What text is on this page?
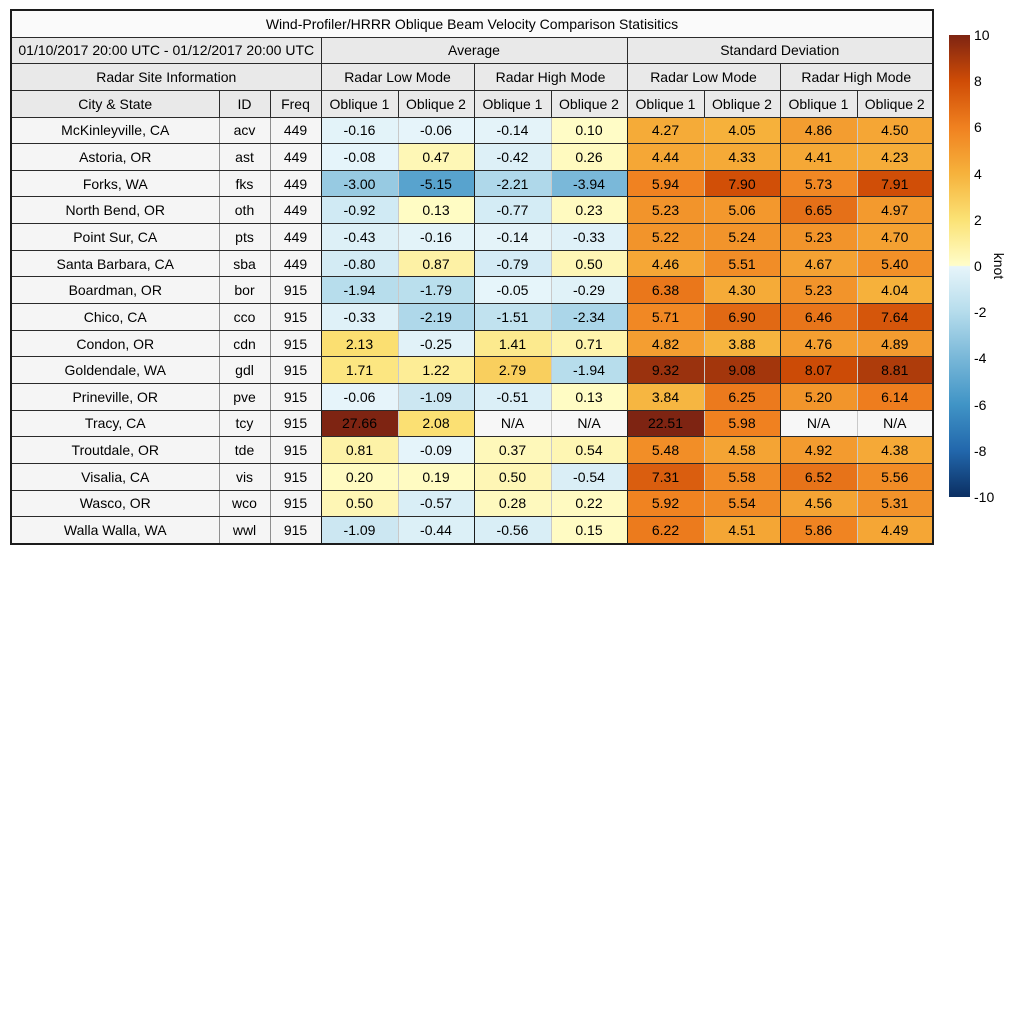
Wind-Profiler/HRRR Oblique Beam Velocity Comparison Statisitics										
01/10/2017 20:00 UTC - 01/12/2017 20:00 UTC			Average				Standard Deviation			
Radar Site Information			Radar Low Mode		Radar High Mode		Radar Low Mode		Radar High Mode	
City & State	ID	Freq	Oblique 1	Oblique 2	Oblique 1	Oblique 2	Oblique 1	Oblique 2	Oblique 1	Oblique 2
McKinleyville, CA	acv	449	-0.16	-0.06	-0.14	0.10	4.27	4.05	4.86	4.50
Astoria, OR	ast	449	-0.08	0.47	-0.42	0.26	4.44	4.33	4.41	4.23
Forks, WA	fks	449	-3.00	-5.15	-2.21	-3.94	5.94	7.90	5.73	7.91
North Bend, OR	oth	449	-0.92	0.13	-0.77	0.23	5.23	5.06	6.65	4.97
Point Sur, CA	pts	449	-0.43	-0.16	-0.14	-0.33	5.22	5.24	5.23	4.70
Santa Barbara, CA	sba	449	-0.80	0.87	-0.79	0.50	4.46	5.51	4.67	5.40
Boardman, OR	bor	915	-1.94	-1.79	-0.05	-0.29	6.38	4.30	5.23	4.04
Chico, CA	cco	915	-0.33	-2.19	-1.51	-2.34	5.71	6.90	6.46	7.64
Condon, OR	cdn	915	2.13	-0.25	1.41	0.71	4.82	3.88	4.76	4.89
Goldendale, WA	gdl	915	1.71	1.22	2.79	-1.94	9.32	9.08	8.07	8.81
Prineville, OR	pve	915	-0.06	-1.09	-0.51	0.13	3.84	6.25	5.20	6.14
Tracy, CA	tcy	915	27.66	2.08	N/A	N/A	22.51	5.98	N/A	N/A
Troutdale, OR	tde	915	0.81	-0.09	0.37	0.54	5.48	4.58	4.92	4.38
Visalia, CA	vis	915	0.20	0.19	0.50	-0.54	7.31	5.58	6.52	5.56
Wasco, OR	wco	915	0.50	-0.57	0.28	0.22	5.92	5.54	4.56	5.31
Walla Walla, WA	wwl	915	-1.09	-0.44	-0.56	0.15	6.22	4.51	5.86	4.49
10
8
6
4
2
0
-2
-4
-6
-8
-10
knot
